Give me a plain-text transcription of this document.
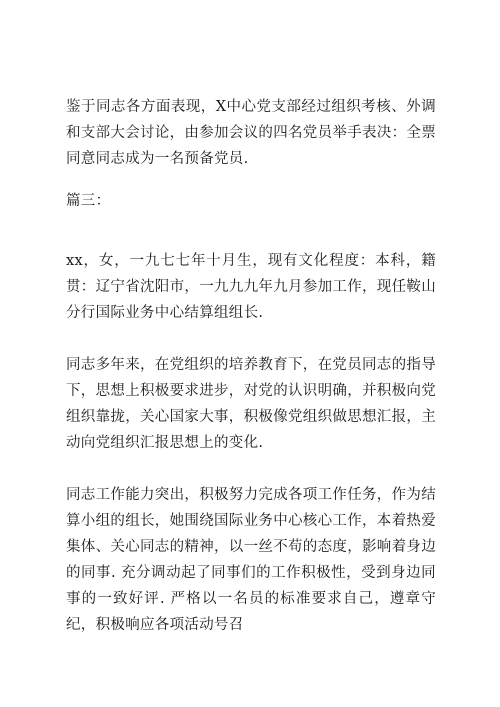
鉴于同志各方面表现，X中心党支部经过组织考核、外调和支部大会讨论，由参加会议的四名党员举手表决：全票同意同志成为一名预备党员.

篇三：

xx，女，一九七七年十月生，现有文化程度：本科，籍贯：辽宁省沈阳市，一九九九年九月参加工作，现任鞍山分行国际业务中心结算组组长.

同志多年来，在党组织的培养教育下，在党员同志的指导下，思想上积极要求进步，对党的认识明确，并积极向党组织靠拢，关心国家大事，积极像党组织做思想汇报，主动向党组织汇报思想上的变化.

同志工作能力突出，积极努力完成各项工作任务，作为结算小组的组长，她围绕国际业务中心核心工作，本着热爱集体、关心同志的精神，以一丝不苟的态度，影响着身边的同事. 充分调动起了同事们的工作积极性，受到身边同事的一致好评. 严格以一名员的标准要求自己，遵章守纪，积极响应各项活动号召
